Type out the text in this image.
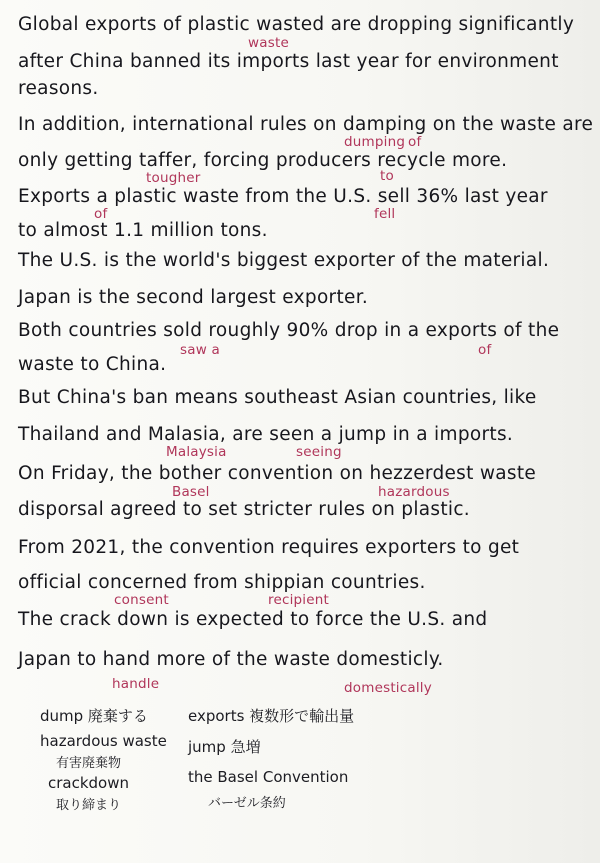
Global exports of plastic wasted are dropping significantly
after China banned its imports last year for environment
reasons.
In addition, international rules on damping on the waste are
only getting taffer, forcing producers recycle more.
Exports a plastic waste from the U.S. sell 36% last year
to almost 1.1 million tons.
The U.S. is the world's biggest exporter of the material.
Japan is the second largest exporter.
Both countries sold roughly 90% drop in a exports of the
waste to China.
But China's ban means southeast Asian countries, like
Thailand and Malasia, are seen a jump in a imports.
On Friday, the bother convention on hezzerdest waste
disporsal agreed to set stricter rules on plastic.
From 2021, the convention requires exporters to get
official concerned from shippian countries.
The crack down is expected to force the U.S. and
Japan to hand more of the waste domesticly.
waste
dumping of
tougher	to
of	fell
saw a	of
Malaysia	seeing
Basel	hazardous
consent	recipient
handle	domestically
dump 廃棄する	exports 複数形で輸出量
hazardous waste
有害廃棄物
jump 急増
crackdown
取り締まり
the Basel Convention
バーゼル条約
